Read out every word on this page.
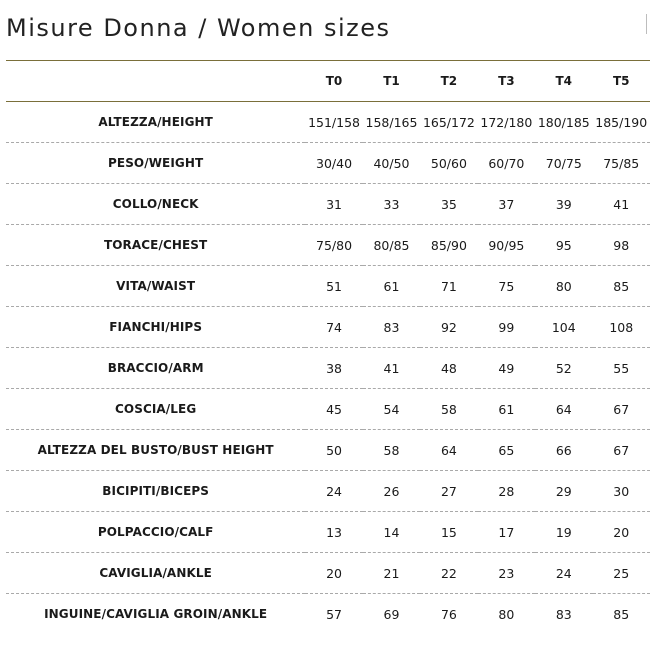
Misure Donna / Women sizes
	T0	T1	T2	T3	T4	T5
ALTEZZA/HEIGHT	151/158	158/165	165/172	172/180	180/185	185/190
PESO/WEIGHT	30/40	40/50	50/60	60/70	70/75	75/85
COLLO/NECK	31	33	35	37	39	41
TORACE/CHEST	75/80	80/85	85/90	90/95	95	98
VITA/WAIST	51	61	71	75	80	85
FIANCHI/HIPS	74	83	92	99	104	108
BRACCIO/ARM	38	41	48	49	52	55
COSCIA/LEG	45	54	58	61	64	67
ALTEZZA DEL BUSTO/BUST HEIGHT	50	58	64	65	66	67
BICIPITI/BICEPS	24	26	27	28	29	30
POLPACCIO/CALF	13	14	15	17	19	20
CAVIGLIA/ANKLE	20	21	22	23	24	25
INGUINE/CAVIGLIA GROIN/ANKLE	57	69	76	80	83	85
